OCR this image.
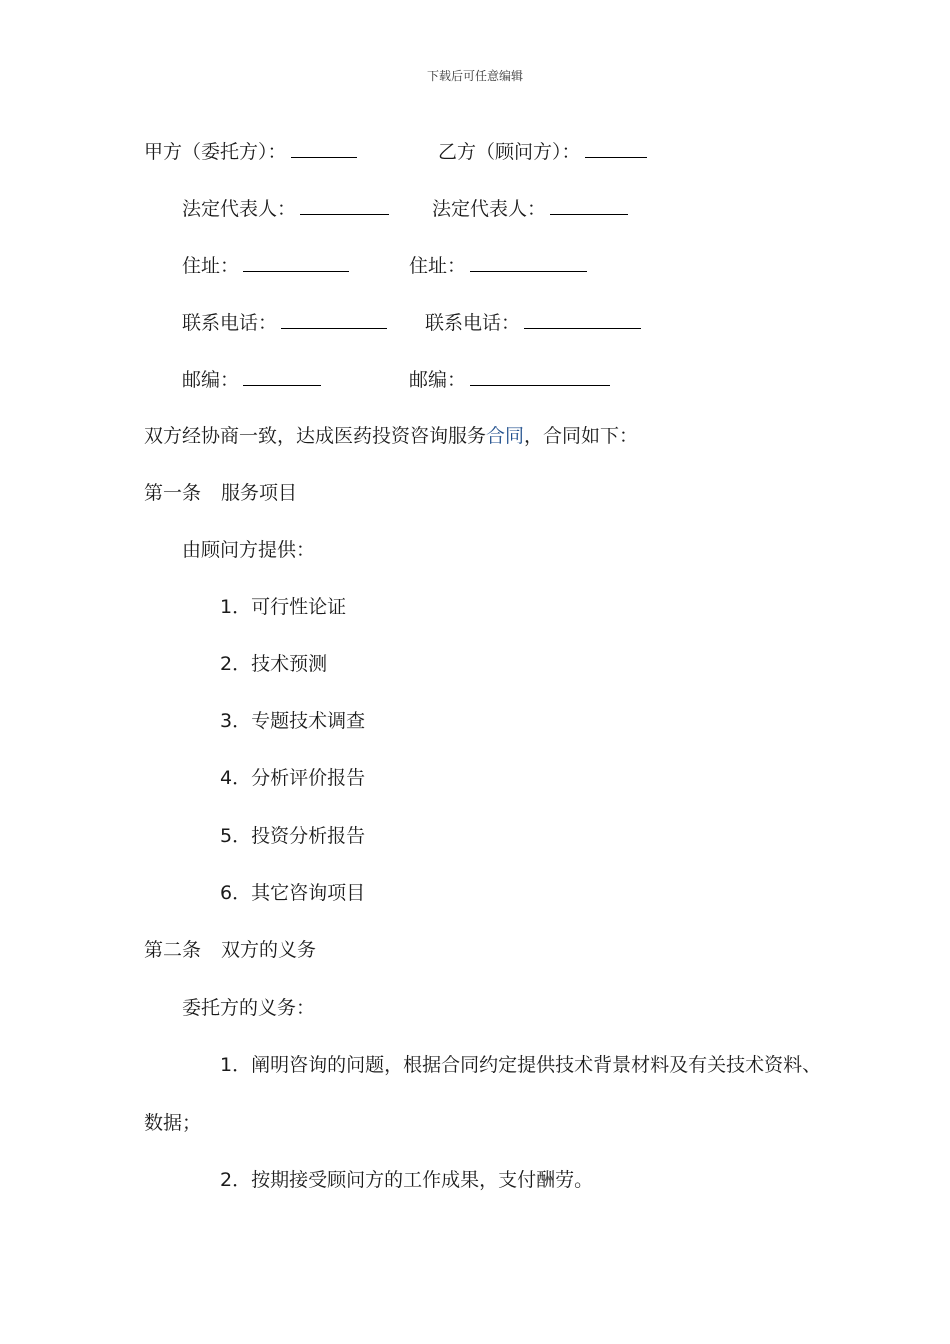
下载后可任意编辑
甲方（委托方）：	乙方（顾问方）：
法定代表人：	法定代表人：
住址：	住址：
联系电话：	联系电话：
邮编：	邮编：
双方经协商一致，达成医药投资咨询服务合同，合同如下：
第一条 服务项目
由顾问方提供：
1．可行性论证
2．技术预测
3．专题技术调查
4．分析评价报告
5．投资分析报告
6．其它咨询项目
第二条 双方的义务
委托方的义务：
1．阐明咨询的问题，根据合同约定提供技术背景材料及有关技术资料、
数据；
2．按期接受顾问方的工作成果，支付酬劳。
